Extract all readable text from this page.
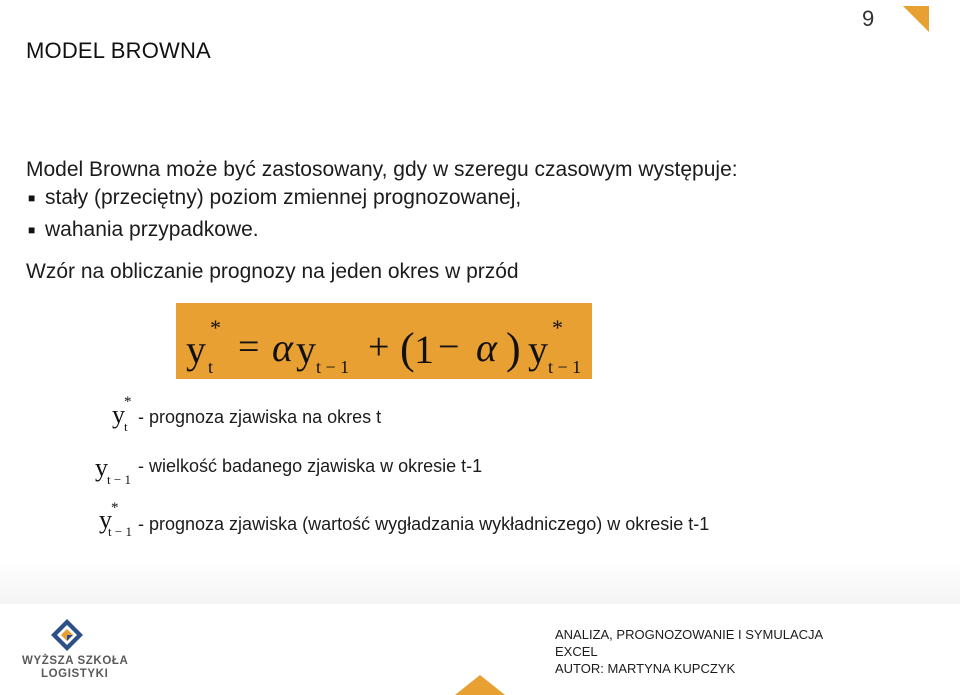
9
MODEL BROWNA
Model Browna może być zastosowany, gdy w szeregu czasowym występuje:
■ stały (przeciętny) poziom zmiennej prognozowanej,
■ wahania przypadkowe.
Wzór na obliczanie prognozy na jeden okres w przód
y *
t = α y t − 1 + ( 1 − α ) y *
t − 1
y *
t
y t − 1
y *
t − 1
- prognoza zjawiska na okres t
- wielkość badanego zjawiska w okresie t-1
- prognoza zjawiska (wartość wygładzania wykładniczego) w okresie t-1
WYŻSZA SZKOŁA
LOGISTYKI
ANALIZA, PROGNOZOWANIE I SYMULACJA
EXCEL
AUTOR: MARTYNA KUPCZYK
